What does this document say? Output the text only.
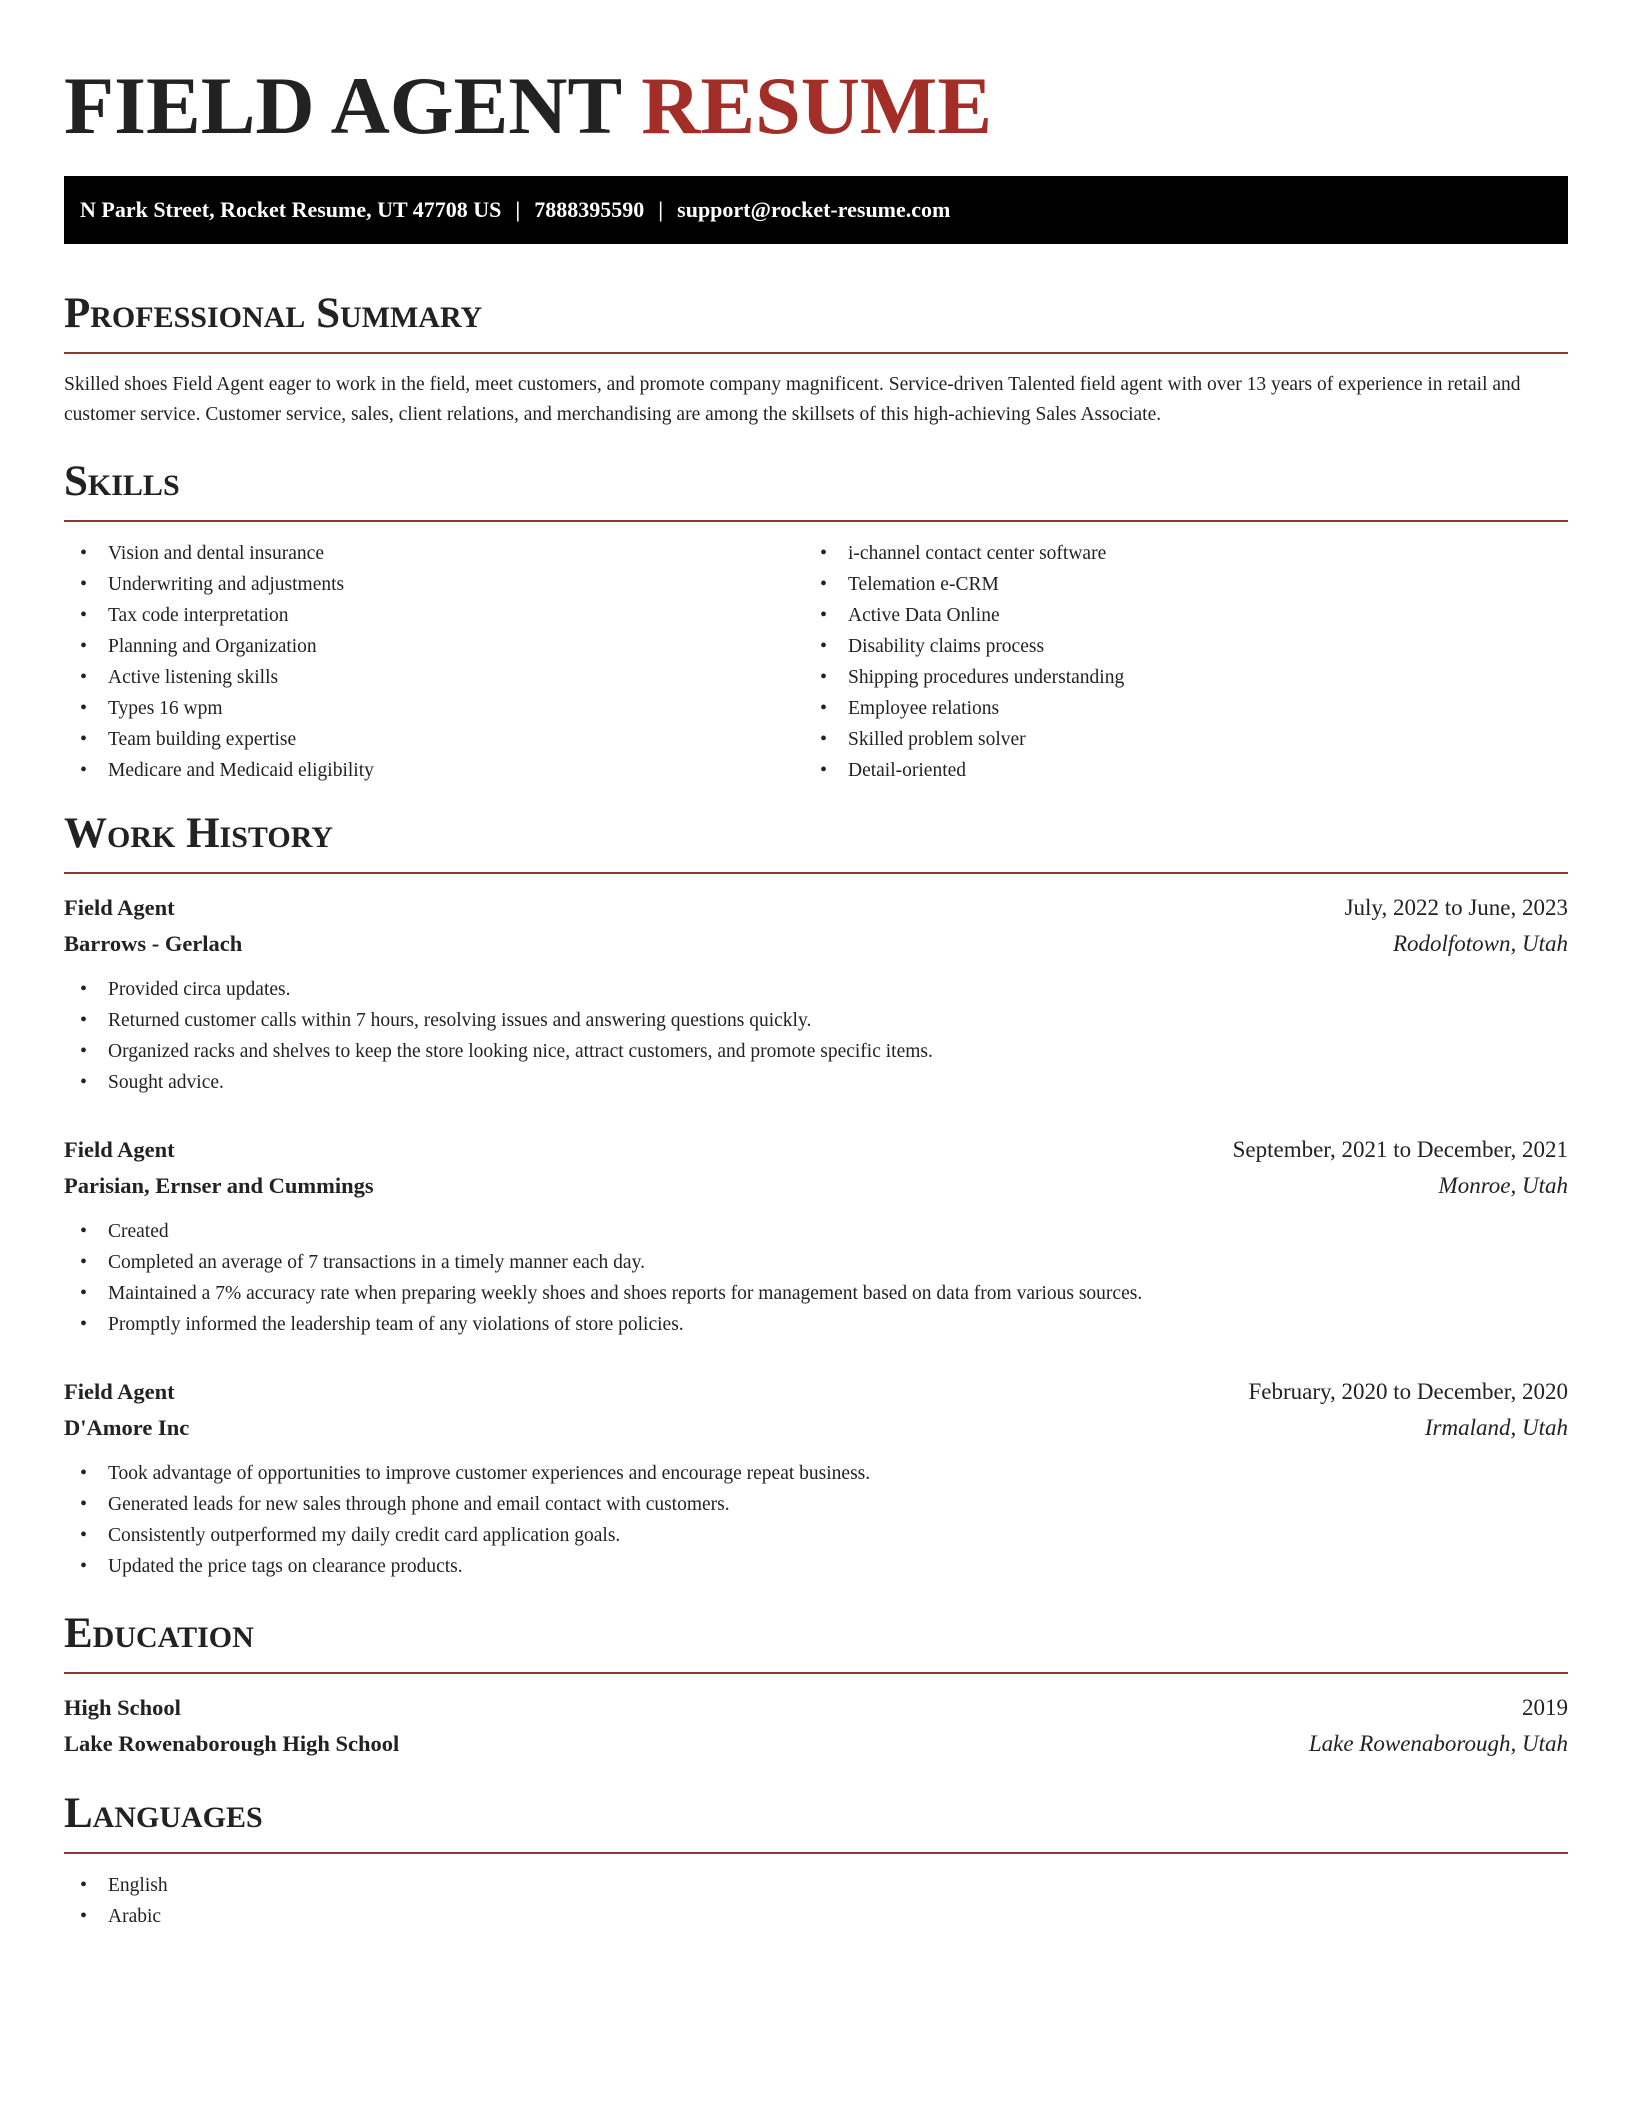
FIELD AGENT RESUME
N Park Street, Rocket Resume, UT 47708 US | 7888395590 | support@rocket-resume.com
Professional Summary

Skilled shoes Field Agent eager to work in the field, meet customers, and promote company magnificent. Service-driven Talented field agent with over 13 years of experience in retail and customer service. Customer service, sales, client relations, and merchandising are among the skillsets of this high-achieving Sales Associate.

Skills
• Vision and dental insurance
• Underwriting and adjustments
• Tax code interpretation
• Planning and Organization
• Active listening skills
• Types 16 wpm
• Team building expertise
• Medicare and Medicaid eligibility
• i-channel contact center software
• Telemation e-CRM
• Active Data Online
• Disability claims process
• Shipping procedures understanding
• Employee relations
• Skilled problem solver
• Detail-oriented
Work History
Field Agent	July, 2022 to June, 2023
Barrows - Gerlach	Rodolfotown, Utah
• Provided circa updates.
• Returned customer calls within 7 hours, resolving issues and answering questions quickly.
• Organized racks and shelves to keep the store looking nice, attract customers, and promote specific items.
• Sought advice.
Field Agent	September, 2021 to December, 2021
Parisian, Ernser and Cummings	Monroe, Utah
• Created
• Completed an average of 7 transactions in a timely manner each day.
• Maintained a 7% accuracy rate when preparing weekly shoes and shoes reports for management based on data from various sources.
• Promptly informed the leadership team of any violations of store policies.
Field Agent	February, 2020 to December, 2020
D'Amore Inc	Irmaland, Utah
• Took advantage of opportunities to improve customer experiences and encourage repeat business.
• Generated leads for new sales through phone and email contact with customers.
• Consistently outperformed my daily credit card application goals.
• Updated the price tags on clearance products.
Education
High School	2019
Lake Rowenaborough High School	Lake Rowenaborough, Utah
Languages
• English
• Arabic
